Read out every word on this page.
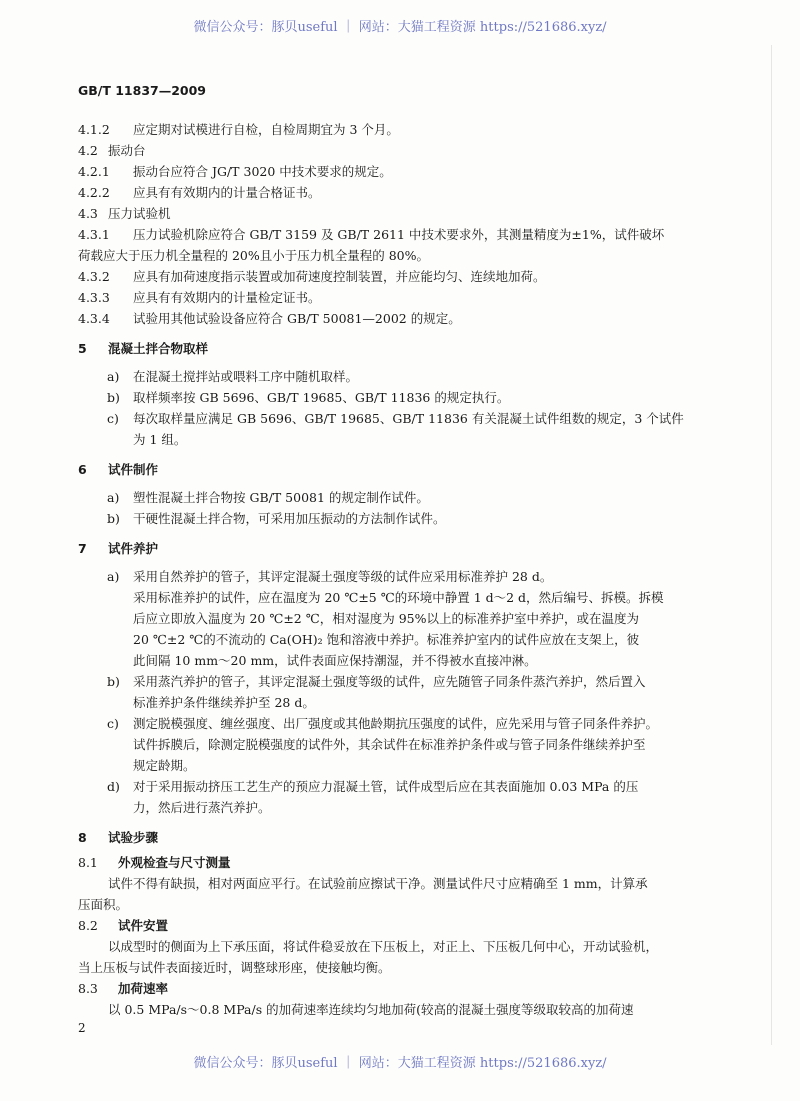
微信公众号：豚贝useful ｜ 网站：大猫工程资源 https://521686.xyz/
GB/T 11837—2009
4.1.2 应定期对试模进行自检，自检周期宜为 3 个月。
4.2 振动台
4.2.1 振动台应符合 JG/T 3020 中技术要求的规定。
4.2.2 应具有有效期内的计量合格证书。
4.3 压力试验机
4.3.1 压力试验机除应符合 GB/T 3159 及 GB/T 2611 中技术要求外，其测量精度为±1%，试件破坏
荷载应大于压力机全量程的 20%且小于压力机全量程的 80%。
4.3.2 应具有加荷速度指示装置或加荷速度控制装置，并应能均匀、连续地加荷。
4.3.3 应具有有效期内的计量检定证书。
4.3.4 试验用其他试验设备应符合 GB/T 50081—2002 的规定。
5 混凝土拌合物取样
a) 在混凝土搅拌站或喂料工序中随机取样。
b) 取样频率按 GB 5696、GB/T 19685、GB/T 11836 的规定执行。
c) 每次取样量应满足 GB 5696、GB/T 19685、GB/T 11836 有关混凝土试件组数的规定，3 个试件
为 1 组。
6 试件制作
a) 塑性混凝土拌合物按 GB/T 50081 的规定制作试件。
b) 干硬性混凝土拌合物，可采用加压振动的方法制作试件。
7 试件养护
a) 采用自然养护的管子，其评定混凝土强度等级的试件应采用标准养护 28 d。
采用标准养护的试件，应在温度为 20 ℃±5 ℃的环境中静置 1 d～2 d，然后编号、拆模。拆模
后应立即放入温度为 20 ℃±2 ℃，相对湿度为 95%以上的标准养护室中养护，或在温度为
20 ℃±2 ℃的不流动的 Ca(OH)₂ 饱和溶液中养护。标准养护室内的试件应放在支架上，彼
此间隔 10 mm～20 mm，试件表面应保持潮湿，并不得被水直接冲淋。
b) 采用蒸汽养护的管子，其评定混凝土强度等级的试件，应先随管子同条件蒸汽养护，然后置入
标准养护条件继续养护至 28 d。
c) 测定脱模强度、缠丝强度、出厂强度或其他龄期抗压强度的试件，应先采用与管子同条件养护。
试件拆膜后，除测定脱模强度的试件外，其余试件在标准养护条件或与管子同条件继续养护至
规定龄期。
d) 对于采用振动挤压工艺生产的预应力混凝土管，试件成型后应在其表面施加 0.03 MPa 的压
力，然后进行蒸汽养护。
8 试验步骤
8.1 外观检查与尺寸测量
试件不得有缺损，相对两面应平行。在试验前应擦试干净。测量试件尺寸应精确至 1 mm，计算承
压面积。
8.2 试件安置
以成型时的侧面为上下承压面，将试件稳妥放在下压板上，对正上、下压板几何中心，开动试验机，
当上压板与试件表面接近时，调整球形座，使接触均衡。
8.3 加荷速率
以 0.5 MPa/s～0.8 MPa/s 的加荷速率连续均匀地加荷(较高的混凝土强度等级取较高的加荷速
2
微信公众号：豚贝useful ｜ 网站：大猫工程资源 https://521686.xyz/
